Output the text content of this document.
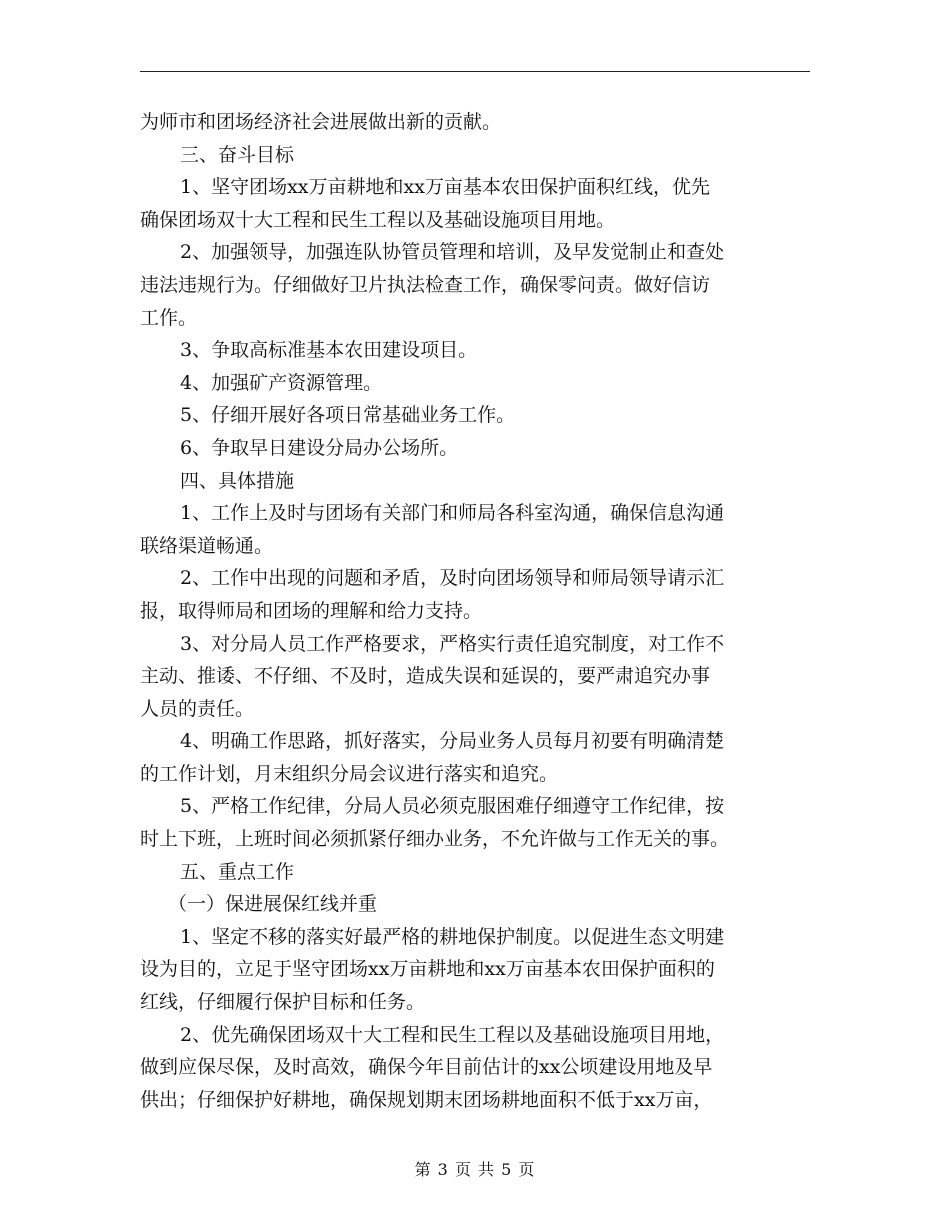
为师市和团场经济社会进展做出新的贡献。
三、奋斗目标
1、坚守团场xx万亩耕地和xx万亩基本农田保护面积红线，优先
确保团场双十大工程和民生工程以及基础设施项目用地。
2、加强领导，加强连队协管员管理和培训，及早发觉制止和查处
违法违规行为。仔细做好卫片执法检查工作，确保零问责。做好信访
工作。
3、争取高标准基本农田建设项目。
4、加强矿产资源管理。
5、仔细开展好各项日常基础业务工作。
6、争取早日建设分局办公场所。
四、具体措施
1、工作上及时与团场有关部门和师局各科室沟通，确保信息沟通
联络渠道畅通。
2、工作中出现的问题和矛盾，及时向团场领导和师局领导请示汇
报，取得师局和团场的理解和给力支持。
3、对分局人员工作严格要求，严格实行责任追究制度，对工作不
主动、推诿、不仔细、不及时，造成失误和延误的，要严肃追究办事
人员的责任。
4、明确工作思路，抓好落实，分局业务人员每月初要有明确清楚
的工作计划，月末组织分局会议进行落实和追究。
5、严格工作纪律，分局人员必须克服困难仔细遵守工作纪律，按
时上下班，上班时间必须抓紧仔细办业务，不允许做与工作无关的事。
五、重点工作
（一）保进展保红线并重
1、坚定不移的落实好最严格的耕地保护制度。以促进生态文明建
设为目的，立足于坚守团场xx万亩耕地和xx万亩基本农田保护面积的
红线，仔细履行保护目标和任务。
2、优先确保团场双十大工程和民生工程以及基础设施项目用地，
做到应保尽保，及时高效，确保今年目前估计的xx公顷建设用地及早
供出；仔细保护好耕地，确保规划期末团场耕地面积不低于xx万亩，
第 3 页 共 5 页
